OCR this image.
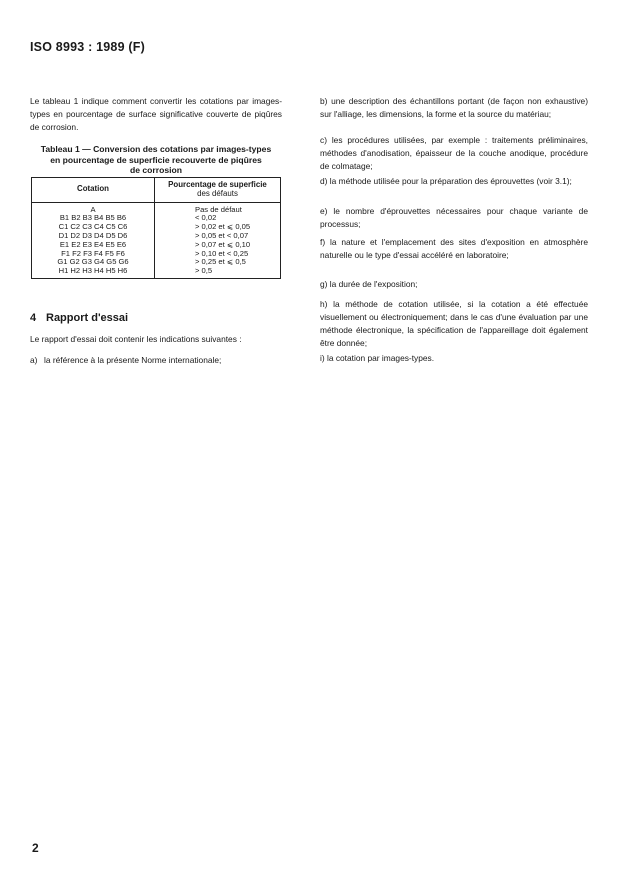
ISO 8993 : 1989 (F)

Le tableau 1 indique comment convertir les cotations par images-types en pourcentage de surface significative couverte de piqûres de corrosion.

Tableau 1 — Conversion des cotations par images-types
en pourcentage de superficie recouverte de piqûres
de corrosion
Cotation	Pourcentage de superficie
des défauts

A	Pas de défaut
B1 B2 B3 B4 B5 B6	< 0,02
C1 C2 C3 C4 C5 C6	> 0,02 et ⩽ 0,05
D1 D2 D3 D4 D5 D6	> 0,05 et < 0,07
E1 E2 E3 E4 E5 E6	> 0,07 et ⩽ 0,10
F1 F2 F3 F4 F5 F6	> 0,10 et < 0,25
G1 G2 G3 G4 G5 G6	> 0,25 et ⩽ 0,5
H1 H2 H3 H4 H5 H6	> 0,5
4 Rapport d'essai

Le rapport d'essai doit contenir les indications suivantes :

a) la référence à la présente Norme internationale;

b) une description des échantillons portant (de façon non exhaustive) sur l'alliage, les dimensions, la forme et la source du matériau;

c) les procédures utilisées, par exemple : traitements préliminaires, méthodes d'anodisation, épaisseur de la couche anodique, procédure de colmatage;

d) la méthode utilisée pour la préparation des éprouvettes (voir 3.1);

e) le nombre d'éprouvettes nécessaires pour chaque variante de processus;

f) la nature et l'emplacement des sites d'exposition en atmosphère naturelle ou le type d'essai accéléré en laboratoire;

g) la durée de l'exposition;

h) la méthode de cotation utilisée, si la cotation a été effectuée visuellement ou électroniquement; dans le cas d'une évaluation par une méthode électronique, la spécification de l'appareillage doit également être donnée;

i) la cotation par images-types.

2
